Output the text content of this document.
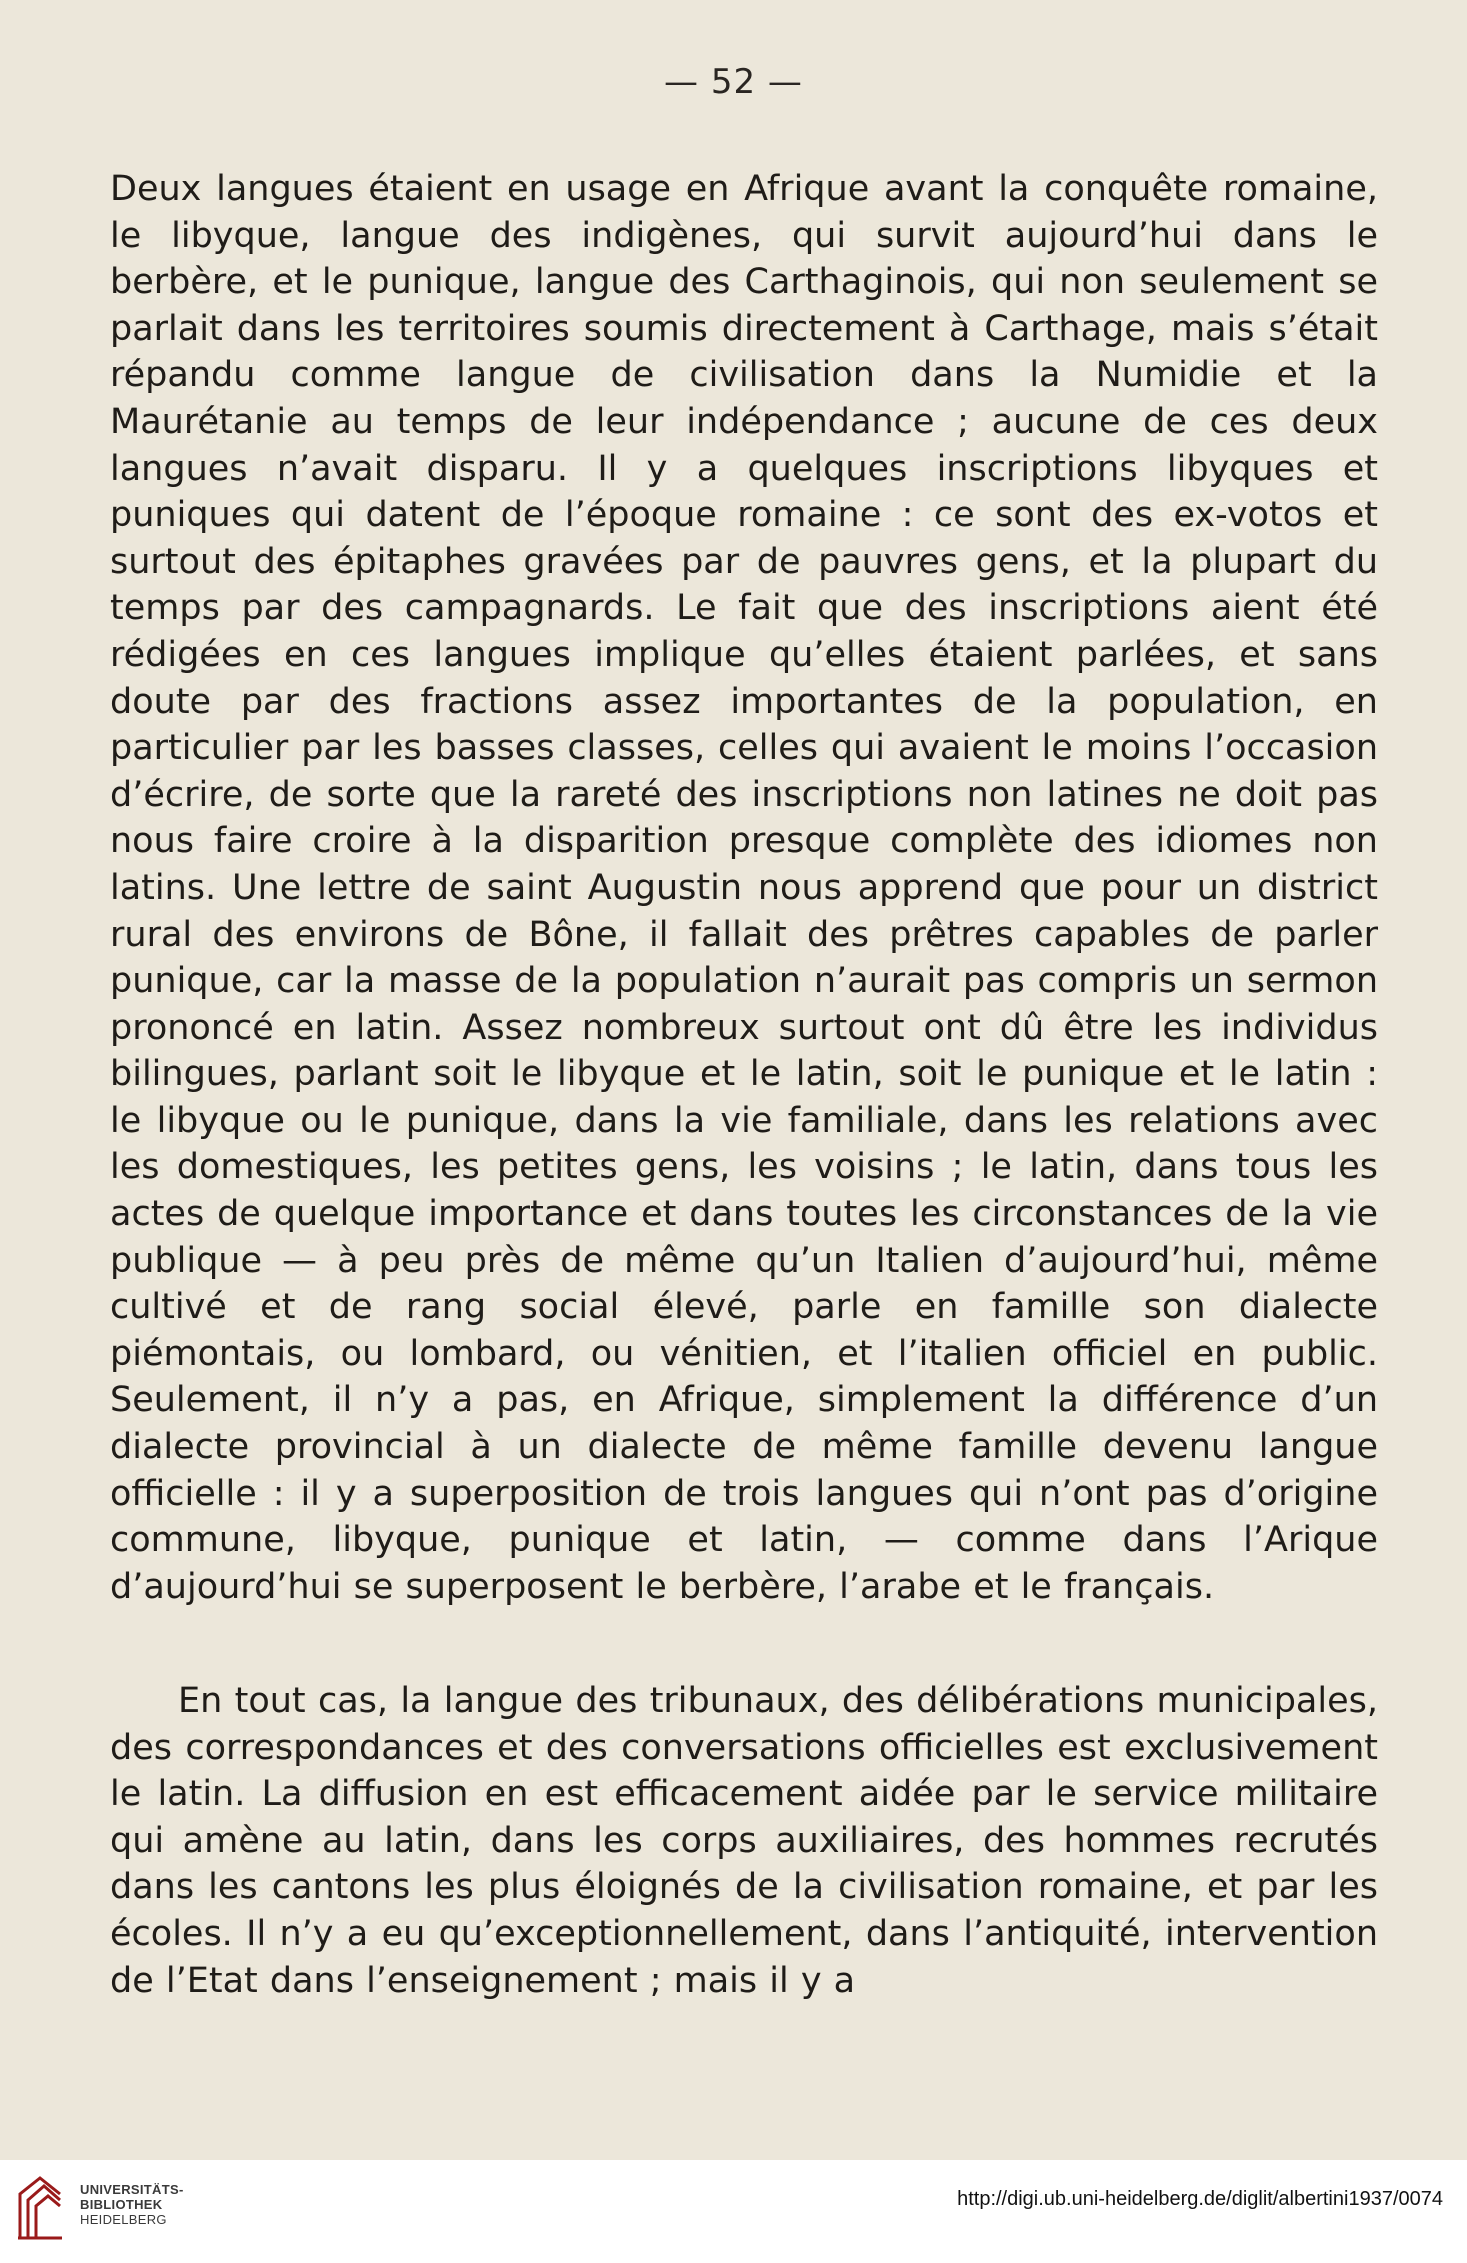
— 52 —

Deux langues étaient en usage en Afrique avant la conquête romaine, le libyque, langue des indigènes, qui survit aujourd’hui dans le berbère, et le punique, langue des Carthaginois, qui non seulement se parlait dans les territoires soumis directement à Carthage, mais s’était répandu comme langue de civilisation dans la Numidie et la Maurétanie au temps de leur indépendance ; aucune de ces deux langues n’avait disparu. Il y a quelques inscriptions libyques et puniques qui datent de l’époque romaine : ce sont des ex-votos et surtout des épitaphes gravées par de pauvres gens, et la plupart du temps par des campagnards. Le fait que des inscriptions aient été rédigées en ces langues implique qu’elles étaient parlées, et sans doute par des fractions assez importantes de la population, en particulier par les basses classes, celles qui avaient le moins l’occasion d’écrire, de sorte que la rareté des inscriptions non latines ne doit pas nous faire croire à la disparition presque complète des idiomes non latins. Une lettre de saint Augustin nous apprend que pour un district rural des environs de Bône, il fallait des prêtres capables de parler punique, car la masse de la population n’aurait pas compris un sermon prononcé en latin. Assez nombreux surtout ont dû être les individus bilingues, parlant soit le libyque et le latin, soit le punique et le latin : le libyque ou le punique, dans la vie familiale, dans les relations avec les domestiques, les petites gens, les voisins ; le latin, dans tous les actes de quelque importance et dans toutes les circonstances de la vie publique — à peu près de même qu’un Italien d’aujourd’hui, même cultivé et de rang social élevé, parle en famille son dialecte piémontais, ou lombard, ou vénitien, et l’italien officiel en public. Seulement, il n’y a pas, en Afrique, simplement la différence d’un dialecte provincial à un dialecte de même famille devenu langue officielle : il y a superposition de trois langues qui n’ont pas d’origine commune, libyque, punique et latin, — comme dans l’Arique d’aujourd’hui se superposent le berbère, l’arabe et le français.

En tout cas, la langue des tribunaux, des délibérations municipales, des correspondances et des conversations officielles est exclusivement le latin. La diffusion en est efficacement aidée par le service militaire qui amène au latin, dans les corps auxiliaires, des hommes recrutés dans les cantons les plus éloignés de la civilisation romaine, et par les écoles. Il n’y a eu qu’exceptionnellement, dans l’antiquité, intervention de l’Etat dans l’enseignement ; mais il y a

UNIVERSITÄTS-
BIBLIOTHEK
HEIDELBERG
http://digi.ub.uni-heidelberg.de/diglit/albertini1937/0074
